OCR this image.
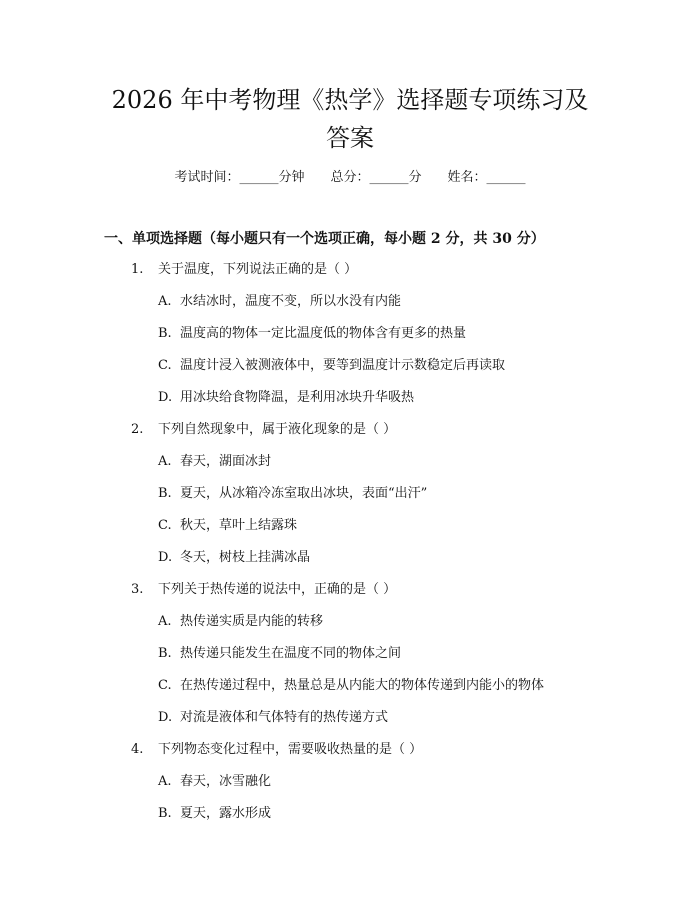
2026 年中考物理《热学》选择题专项练习及
答案
考试时间：______分钟 总分：______分 姓名：______
一、单项选择题（每小题只有一个选项正确，每小题 2 分，共 30 分）
1. 关于温度，下列说法正确的是（ ）
A. 水结冰时，温度不变，所以水没有内能
B. 温度高的物体一定比温度低的物体含有更多的热量
C. 温度计浸入被测液体中，要等到温度计示数稳定后再读取
D. 用冰块给食物降温，是利用冰块升华吸热
2. 下列自然现象中，属于液化现象的是（ ）
A. 春天，湖面冰封
B. 夏天，从冰箱冷冻室取出冰块，表面“出汗”
C. 秋天，草叶上结露珠
D. 冬天，树枝上挂满冰晶
3. 下列关于热传递的说法中，正确的是（ ）
A. 热传递实质是内能的转移
B. 热传递只能发生在温度不同的物体之间
C. 在热传递过程中，热量总是从内能大的物体传递到内能小的物体
D. 对流是液体和气体特有的热传递方式
4. 下列物态变化过程中，需要吸收热量的是（ ）
A. 春天，冰雪融化
B. 夏天，露水形成
